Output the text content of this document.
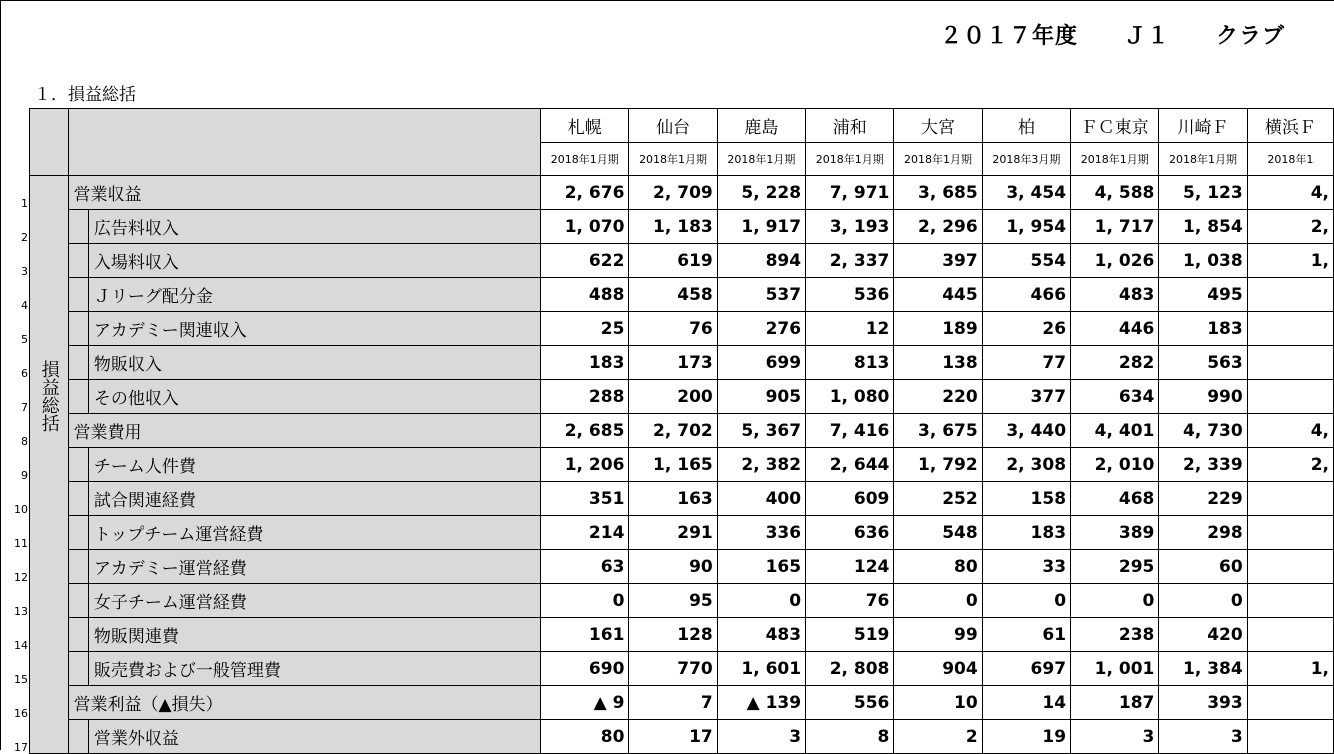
２０１７年度　　Ｊ１　　クラブ
１．損益総括
				札幌	仙台	鹿島	浦和	大宮	柏	ＦＣ東京	川崎Ｆ	横浜Ｆ
				2018年1月期	2018年1月期	2018年1月期	2018年1月期	2018年1月期	2018年3月期	2018年1月期	2018年1月期	2018年1
1	損益総括	営業収益		2, 676	2, 709	5, 228	7, 971	3, 685	3, 454	4, 588	5, 123	4,
2			広告料収入	1, 070	1, 183	1, 917	3, 193	2, 296	1, 954	1, 717	1, 854	2,
3			入場料収入	622	619	894	2, 337	397	554	1, 026	1, 038	1,
4			Ｊリーグ配分金	488	458	537	536	445	466	483	495	
5			アカデミー関連収入	25	76	276	12	189	26	446	183	
6			物販収入	183	173	699	813	138	77	282	563	
7			その他収入	288	200	905	1, 080	220	377	634	990	
8		営業費用		2, 685	2, 702	5, 367	7, 416	3, 675	3, 440	4, 401	4, 730	4,
9			チーム人件費	1, 206	1, 165	2, 382	2, 644	1, 792	2, 308	2, 010	2, 339	2,
10			試合関連経費	351	163	400	609	252	158	468	229	
11			トップチーム運営経費	214	291	336	636	548	183	389	298	
12			アカデミー運営経費	63	90	165	124	80	33	295	60	
13			女子チーム運営経費	0	95	0	76	0	0	0	0	
14			物販関連費	161	128	483	519	99	61	238	420	
15			販売費および一般管理費	690	770	1, 601	2, 808	904	697	1, 001	1, 384	1,
16		営業利益（▲損失）		▲ 9	7	▲ 139	556	10	14	187	393	
17			営業外収益	80	17	3	8	2	19	3	3	
